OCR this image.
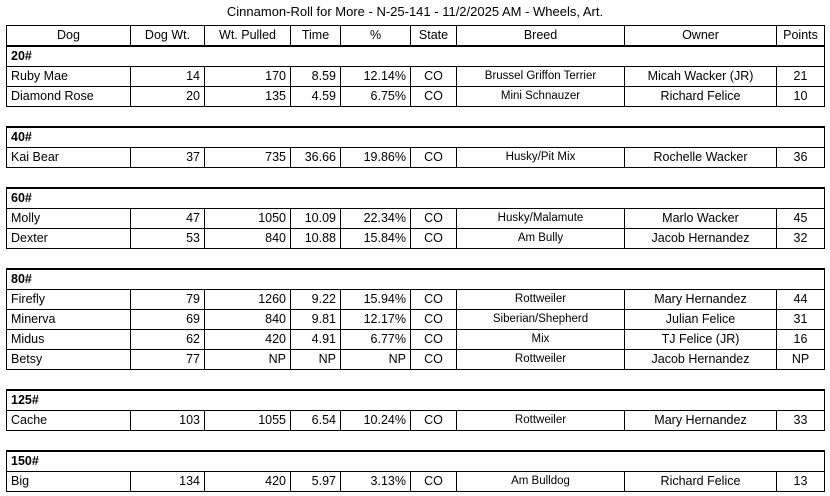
Cinnamon-Roll for More - N-25-141 - 11/2/2025 AM - Wheels, Art.
Dog	Dog Wt.	Wt. Pulled	Time	%	State	Breed	Owner	Points
20#								
Ruby Mae	14	170	8.59	12.14%	CO	Brussel Griffon Terrier	Micah Wacker (JR)	21
Diamond Rose	20	135	4.59	6.75%	CO	Mini Schnauzer	Richard Felice	10

40#								
Kai Bear	37	735	36.66	19.86%	CO	Husky/Pit Mix	Rochelle Wacker	36

60#								
Molly	47	1050	10.09	22.34%	CO	Husky/Malamute	Marlo Wacker	45
Dexter	53	840	10.88	15.84%	CO	Am Bully	Jacob Hernandez	32

80#								
Firefly	79	1260	9.22	15.94%	CO	Rottweiler	Mary Hernandez	44
Minerva	69	840	9.81	12.17%	CO	Siberian/Shepherd	Julian Felice	31
Midus	62	420	4.91	6.77%	CO	Mix	TJ Felice (JR)	16
Betsy	77	NP	NP	NP	CO	Rottweiler	Jacob Hernandez	NP

125#								
Cache	103	1055	6.54	10.24%	CO	Rottweiler	Mary Hernandez	33

150#								
Big	134	420	5.97	3.13%	CO	Am Bulldog	Richard Felice	13
